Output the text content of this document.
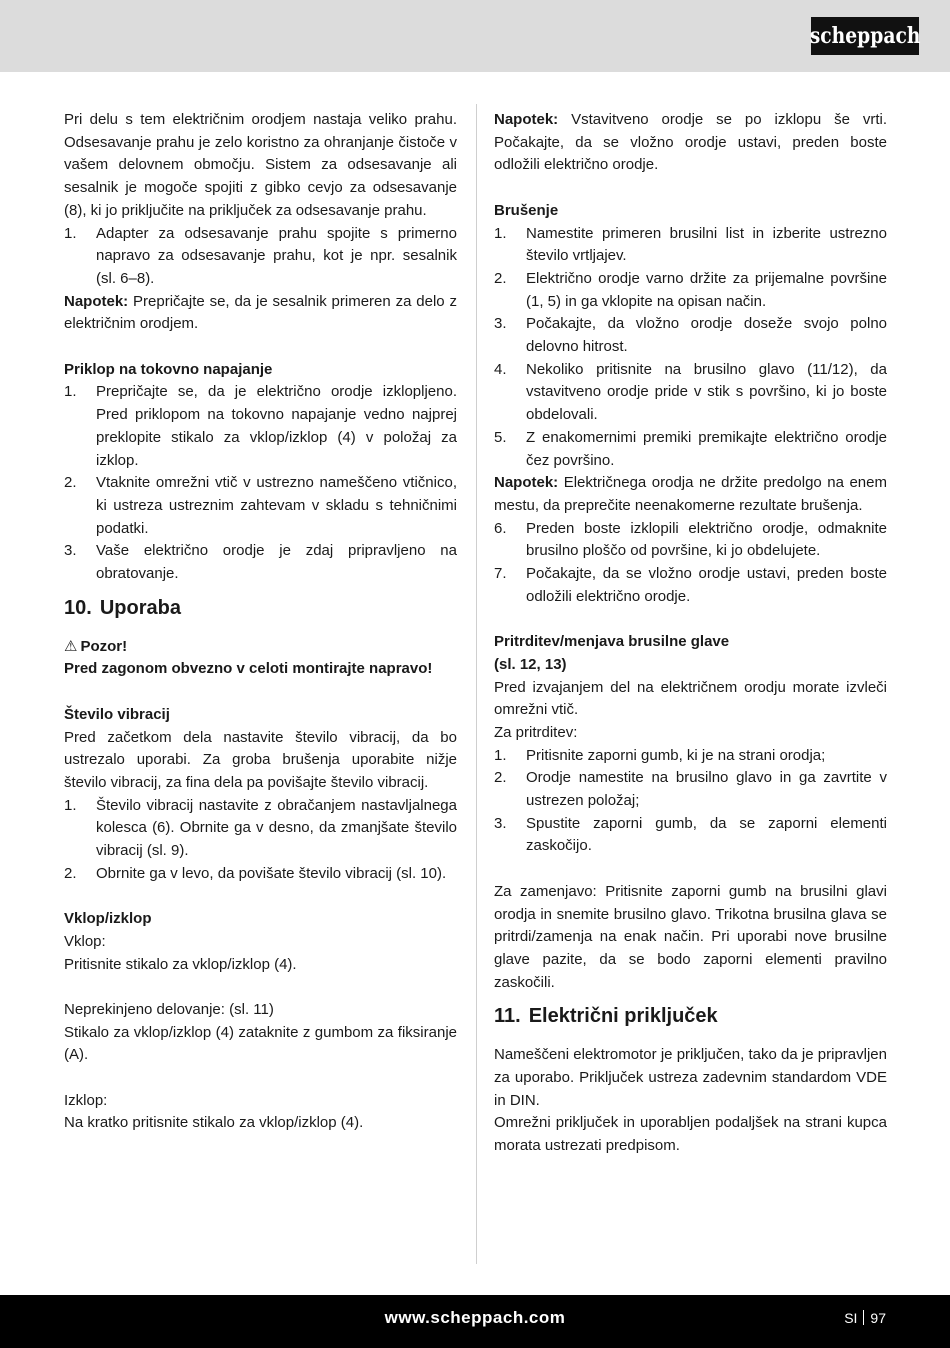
scheppach

Pri delu s tem električnim orodjem nastaja veliko prahu. Odsesavanje prahu je zelo koristno za ohranjanje čistoče v vašem delovnem območju. Sistem za odsesavanje ali sesalnik je mogoče spojiti z gibko cevjo za odsesavanje (8), ki jo priključite na priključek za odsesavanje prahu.

1. Adapter za odsesavanje prahu spojite s primerno napravo za odsesavanje prahu, kot je npr. sesalnik (sl. 6–8).

Napotek: Prepričajte se, da je sesalnik primeren za delo z električnim orodjem.

Priklop na tokovno napajanje

1. Prepričajte se, da je električno orodje izklopljeno. Pred priklopom na tokovno napajanje vedno najprej preklopite stikalo za vklop/izklop (4) v položaj za izklop.
2. Vtaknite omrežni vtič v ustrezno nameščeno vtičnico, ki ustreza ustreznim zahtevam v skladu s tehničnimi podatki.
3. Vaše električno orodje je zdaj pripravljeno na obratovanje.
10. Uporaba

⚠ Pozor!

Pred zagonom obvezno v celoti montirajte napravo!

Število vibracij

Pred začetkom dela nastavite število vibracij, da bo ustrezalo uporabi. Za groba brušenja uporabite nižje število vibracij, za fina dela pa povišajte število vibracij.

1. Število vibracij nastavite z obračanjem nastavljalnega kolesca (6). Obrnite ga v desno, da zmanjšate število vibracij (sl. 9).
2. Obrnite ga v levo, da povišate število vibracij (sl. 10).

Vklop/izklop

Vklop:

Pritisnite stikalo za vklop/izklop (4).

Neprekinjeno delovanje: (sl. 11)

Stikalo za vklop/izklop (4) zataknite z gumbom za fiksiranje (A).

Izklop:

Na kratko pritisnite stikalo za vklop/izklop (4).

Napotek: Vstavitveno orodje se po izklopu še vrti. Počakajte, da se vložno orodje ustavi, preden boste odložili električno orodje.

Brušenje

1. Namestite primeren brusilni list in izberite ustrezno število vrtljajev.
2. Električno orodje varno držite za prijemalne površine (1, 5) in ga vklopite na opisan način.
3. Počakajte, da vložno orodje doseže svojo polno delovno hitrost.
4. Nekoliko pritisnite na brusilno glavo (11/12), da vstavitveno orodje pride v stik s površino, ki jo boste obdelovali.
5. Z enakomernimi premiki premikajte električno orodje čez površino.

Napotek: Električnega orodja ne držite predolgo na enem mestu, da preprečite neenakomerne rezultate brušenja.

6. Preden boste izklopili električno orodje, odmaknite brusilno ploščo od površine, ki jo obdelujete.
7. Počakajte, da se vložno orodje ustavi, preden boste odložili električno orodje.

Pritrditev/menjava brusilne glave

(sl. 12, 13)

Pred izvajanjem del na električnem orodju morate izvleči omrežni vtič.

Za pritrditev:

1. Pritisnite zaporni gumb, ki je na strani orodja;
2. Orodje namestite na brusilno glavo in ga zavrtite v ustrezen položaj;
3. Spustite zaporni gumb, da se zaporni elementi zaskočijo.

Za zamenjavo: Pritisnite zaporni gumb na brusilni glavi orodja in snemite brusilno glavo. Trikotna brusilna glava se pritrdi/zamenja na enak način. Pri uporabi nove brusilne glave pazite, da se bodo zaporni elementi pravilno zaskočili.

11. Električni priključek

Nameščeni elektromotor je priključen, tako da je pripravljen za uporabo. Priključek ustreza zadevnim standardom VDE in DIN.

Omrežni priključek in uporabljen podaljšek na strani kupca morata ustrezati predpisom.

www.scheppach.com	SI 97
